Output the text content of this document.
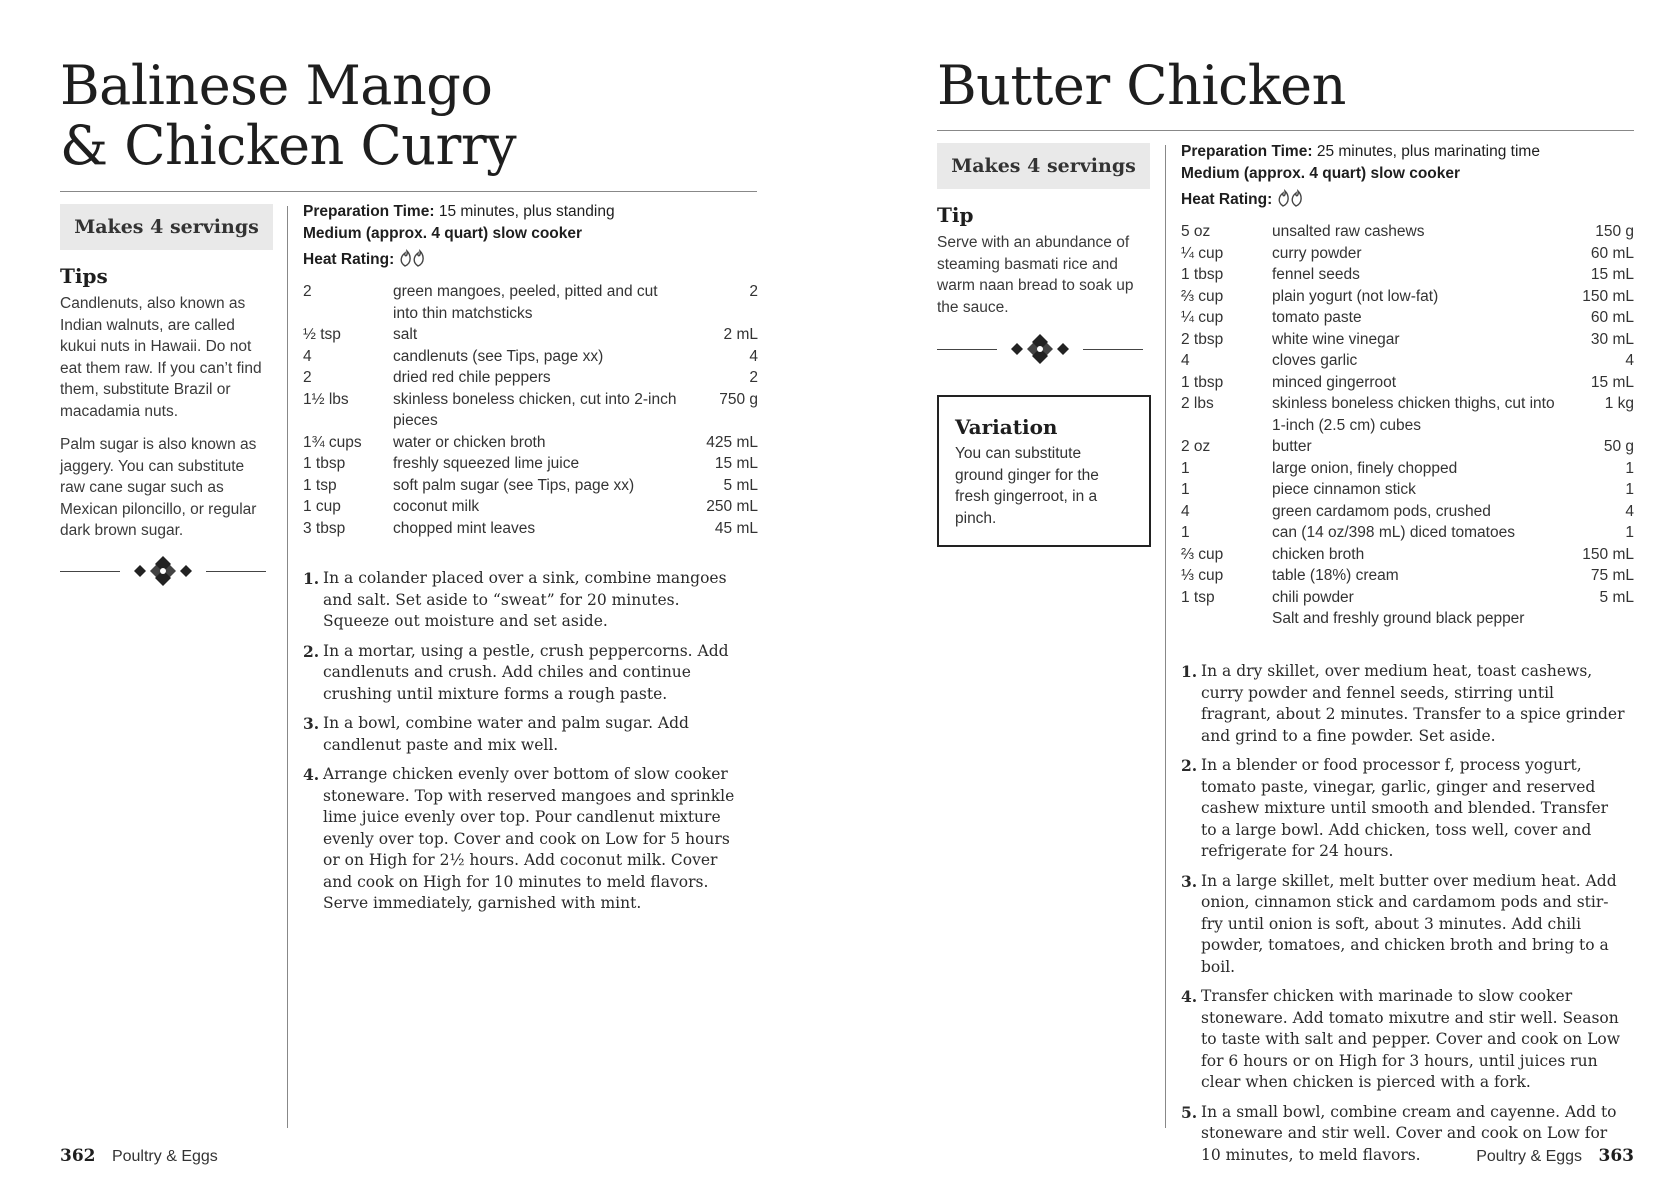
Balinese Mango
& Chicken Curry
Makes 4 servings
Tips

Candlenuts, also known as Indian walnuts, are called kukui nuts in Hawaii. Do not eat them raw. If you can’t find them, substitute Brazil or macadamia nuts.

Palm sugar is also known as jaggery. You can substitute raw cane sugar such as Mexican piloncillo, or regular dark brown sugar.

Preparation Time: 15 minutes, plus standing
Medium (approx. 4 quart) slow cooker
Heat Rating:
2	green mangoes, peeled, pitted and cut into thin matchsticks	2
½ tsp	salt	2 mL
4	candlenuts (see Tips, page xx)	4
2	dried red chile peppers	2
1½ lbs	skinless boneless chicken, cut into 2-inch pieces	750 g
1¾ cups	water or chicken broth	425 mL
1 tbsp	freshly squeezed lime juice	15 mL
1 tsp	soft palm sugar (see Tips, page xx)	5 mL
1 cup	coconut milk	250 mL
3 tbsp	chopped mint leaves	45 mL
1. In a colander placed over a sink, combine mangoes and salt. Set aside to “sweat” for 20 minutes. Squeeze out moisture and set aside.
2. In a mortar, using a pestle, crush peppercorns. Add candlenuts and crush. Add chiles and continue crushing until mixture forms a rough paste.
3. In a bowl, combine water and palm sugar. Add candlenut paste and mix well.
4. Arrange chicken evenly over bottom of slow cooker stoneware. Top with reserved mangoes and sprinkle lime juice evenly over top. Pour candlenut mixture evenly over top. Cover and cook on Low for 5 hours or on High for 2½ hours. Add coconut milk. Cover and cook on High for 10 minutes to meld flavors. Serve immediately, garnished with mint.
362 Poultry & Eggs
Butter Chicken
Makes 4 servings
Tip

Serve with an abundance of steaming basmati rice and warm naan bread to soak up the sauce.

Variation
You can substitute ground ginger for the fresh gingerroot, in a pinch.
Preparation Time: 25 minutes, plus marinating time
Medium (approx. 4 quart) slow cooker
Heat Rating:
5 oz	unsalted raw cashews	150 g
¼ cup	curry powder	60 mL
1 tbsp	fennel seeds	15 mL
⅔ cup	plain yogurt (not low-fat)	150 mL
¼ cup	tomato paste	60 mL
2 tbsp	white wine vinegar	30 mL
4	cloves garlic	4
1 tbsp	minced gingerroot	15 mL
2 lbs	skinless boneless chicken thighs, cut into 1-inch (2.5 cm) cubes	1 kg
2 oz	butter	50 g
1	large onion, finely chopped	1
1	piece cinnamon stick	1
4	green cardamom pods, crushed	4
1	can (14 oz/398 mL) diced tomatoes	1
⅔ cup	chicken broth	150 mL
⅓ cup	table (18%) cream	75 mL
1 tsp	chili powder	5 mL
	Salt and freshly ground black pepper	
1. In a dry skillet, over medium heat, toast cashews, curry powder and fennel seeds, stirring until fragrant, about 2 minutes. Transfer to a spice grinder and grind to a fine powder. Set aside.
2. In a blender or food processor f, process yogurt, tomato paste, vinegar, garlic, ginger and reserved cashew mixture until smooth and blended. Transfer to a large bowl. Add chicken, toss well, cover and refrigerate for 24 hours.
3. In a large skillet, melt butter over medium heat. Add onion, cinnamon stick and cardamom pods and stir-fry until onion is soft, about 3 minutes. Add chili powder, tomatoes, and chicken broth and bring to a boil.
4. Transfer chicken with marinade to slow cooker stoneware. Add tomato mixutre and stir well. Season to taste with salt and pepper. Cover and cook on Low for 6 hours or on High for 3 hours, until juices run clear when chicken is pierced with a fork.
5. In a small bowl, combine cream and cayenne. Add to stoneware and stir well. Cover and cook on Low for 10 minutes, to meld flavors.	Poultry & Eggs 363
